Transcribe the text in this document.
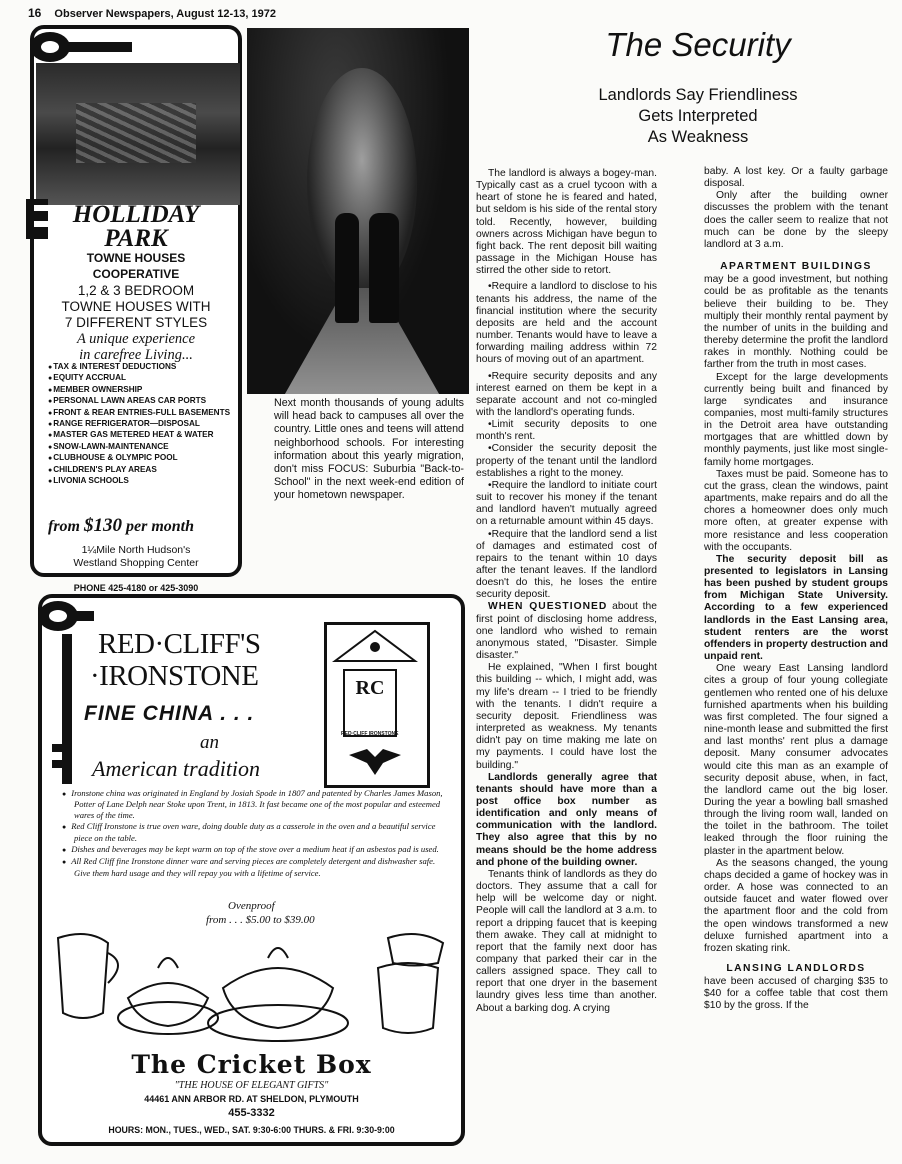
16 Observer Newspapers, August 12-13, 1972
HOLLIDAY
PARK
TOWNE HOUSES
COOPERATIVE
1,2 & 3 BEDROOM
TOWNE HOUSES WITH
7 DIFFERENT STYLES
A unique experience
in carefree Living...
● TAX & INTEREST DEDUCTIONS
● EQUITY ACCRUAL
● MEMBER OWNERSHIP
● PERSONAL LAWN AREAS CAR PORTS
● FRONT & REAR ENTRIES-FULL BASEMENTS
● RANGE REFRIGERATOR—DISPOSAL
● MASTER GAS METERED HEAT & WATER
● SNOW-LAWN-MAINTENANCE
● CLUBHOUSE & OLYMPIC POOL
● CHILDREN'S PLAY AREAS
● LIVONIA SCHOOLS
from $130 per month
1¼Mile North Hudson's
Westland Shopping Center
PHONE 425-4180 or 425-3090
Next month thousands of young adults will head back to campuses all over the country. Little ones and teens will attend neighborhood schools. For interesting information about this yearly migration, don't miss FOCUS: Suburbia "Back-to-School" in the next week-end edition of your hometown newspaper.
RED·CLIFF'S
·IRONSTONE
FINE CHINA . . .
an
American tradition
RC
RED·CLIFF IRONSTONE
● Ironstone china was originated in England by Josiah Spode in 1807 and patented by Charles James Mason, Potter of Lane Delph near Stoke upon Trent, in 1813. It fast became one of the most popular and esteemed wares of the time.
● Red Cliff Ironstone is true oven ware, doing double duty as a casserole in the oven and a beautiful service piece on the table.
● Dishes and beverages may be kept warm on top of the stove over a medium heat if an asbestos pad is used.
● All Red Cliff fine Ironstone dinner ware and serving pieces are completely detergent and dishwasher safe. Give them hard usage and they will repay you with a lifetime of service.
Ovenproof
from . . . $5.00 to $39.00
The Cricket Box
"THE HOUSE OF ELEGANT GIFTS"
44461 ANN ARBOR RD. AT SHELDON, PLYMOUTH
455-3332
HOURS: MON., TUES., WED., SAT. 9:30-6:00 THURS. & FRI. 9:30-9:00
The Security
Landlords Say Friendliness
Gets Interpreted
As Weakness

The landlord is always a bogey-man. Typically cast as a cruel tycoon with a heart of stone he is feared and hated, but seldom is his side of the rental story told. Recently, however, building owners across Michigan have begun to fight back. The rent deposit bill waiting passage in the Michigan House has stirred the other side to retort.

•Require a landlord to disclose to his tenants his address, the name of the financial institution where the security deposits are held and the account number. Tenants would have to leave a forwarding mailing address within 72 hours of moving out of an apartment.

•Require security deposits and any interest earned on them be kept in a separate account and not co-mingled with the landlord's operating funds.

•Limit security deposits to one month's rent.

•Consider the security deposit the property of the tenant until the landlord establishes a right to the money.

•Require the landlord to initiate court suit to recover his money if the tenant and landlord haven't mutually agreed on a returnable amount within 45 days.

•Require that the landlord send a list of damages and estimated cost of repairs to the tenant within 10 days after the tenant leaves. If the landlord doesn't do this, he loses the entire security deposit.

WHEN QUESTIONED about the first point of disclosing home address, one landlord who wished to remain anonymous stated, "Disaster. Simple disaster."

He explained, "When I first bought this building -- which, I might add, was my life's dream -- I tried to be friendly with the tenants. I didn't require a security deposit. Friendliness was interpreted as weakness. My tenants didn't pay on time making me late on my payments. I could have lost the building."

Landlords generally agree that tenants should have more than a post office box number as identification and only means of communication with the landlord. They also agree that this by no means should be the home address and phone of the building owner.

Tenants think of landlords as they do doctors. They assume that a call for help will be welcome day or night. People will call the landlord at 3 a.m. to report a dripping faucet that is keeping them awake. They call at midnight to report that the family next door has company that parked their car in the callers assigned space. They call to report that one dryer in the basement laundry gives less time than another. About a barking dog. A crying

baby. A lost key. Or a faulty garbage disposal.

Only after the building owner discusses the problem with the tenant does the caller seem to realize that not much can be done by the sleepy landlord at 3 a.m.

APARTMENT BUILDINGS

may be a good investment, but nothing could be as profitable as the tenants believe their building to be. They multiply their monthly rental payment by the number of units in the building and thereby determine the profit the landlord rakes in monthly. Nothing could be farther from the truth in most cases.

Except for the large developments currently being built and financed by large syndicates and insurance companies, most multi-family structures in the Detroit area have outstanding mortgages that are whittled down by monthly payments, just like most single-family home mortgages.

Taxes must be paid. Someone has to cut the grass, clean the windows, paint apartments, make repairs and do all the chores a homeowner does only much more often, at greater expense with more resistance and less cooperation with the occupants.

The security deposit bill as presented to legislators in Lansing has been pushed by student groups from Michigan State University. According to a few experienced landlords in the East Lansing area, student renters are the worst offenders in property destruction and unpaid rent.

One weary East Lansing landlord cites a group of four young collegiate gentlemen who rented one of his deluxe furnished apartments when his building was first completed. The four signed a nine-month lease and submitted the first and last months' rent plus a damage deposit. Many consumer advocates would cite this man as an example of security deposit abuse, when, in fact, the landlord came out the big loser. During the year a bowling ball smashed through the living room wall, landed on the toilet in the bathroom. The toilet leaked through the floor ruining the plaster in the apartment below.

As the seasons changed, the young chaps decided a game of hockey was in order. A hose was connected to an outside faucet and water flowed over the apartment floor and the cold from the open windows transformed a new deluxe furnished apartment into a frozen skating rink.

LANSING LANDLORDS

have been accused of charging $35 to $40 for a coffee table that cost them $10 by the gross. If the
